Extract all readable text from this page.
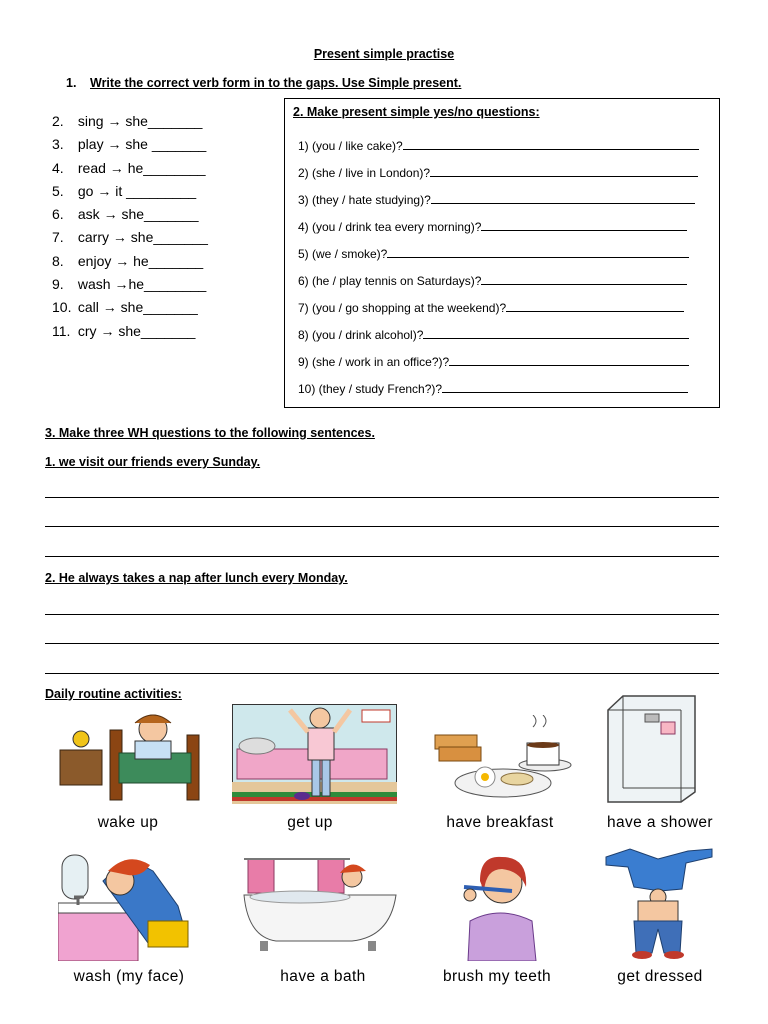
Present simple practise
1. Write the correct verb form in to the gaps. Use Simple present.
2. sing → she_______
3. play → she _______
4. read → he________
5. go → it _________
6. ask → she_______
7. carry → she_______
8. enjoy → he_______
9. wash →he________
10. call → she_______
11. cry → she_______
2. Make present simple yes/no questions:
1) (you / like cake)?
2) (she / live in London)?
3) (they / hate studying)?
4) (you / drink tea every morning)?
5) (we / smoke)?
6) (he / play tennis on Saturdays)?
7) (you / go shopping at the weekend)?
8) (you / drink alcohol)?
9) (she / work in an office?)?
10) (they / study French?)?
3. Make three WH questions to the following sentences.
1. we visit our friends every Sunday.
2. He always takes a nap after lunch every Monday.
Daily routine activities:
wake up	get up	have breakfast	have a shower
wash (my face)	have a bath	brush my teeth	get dressed
